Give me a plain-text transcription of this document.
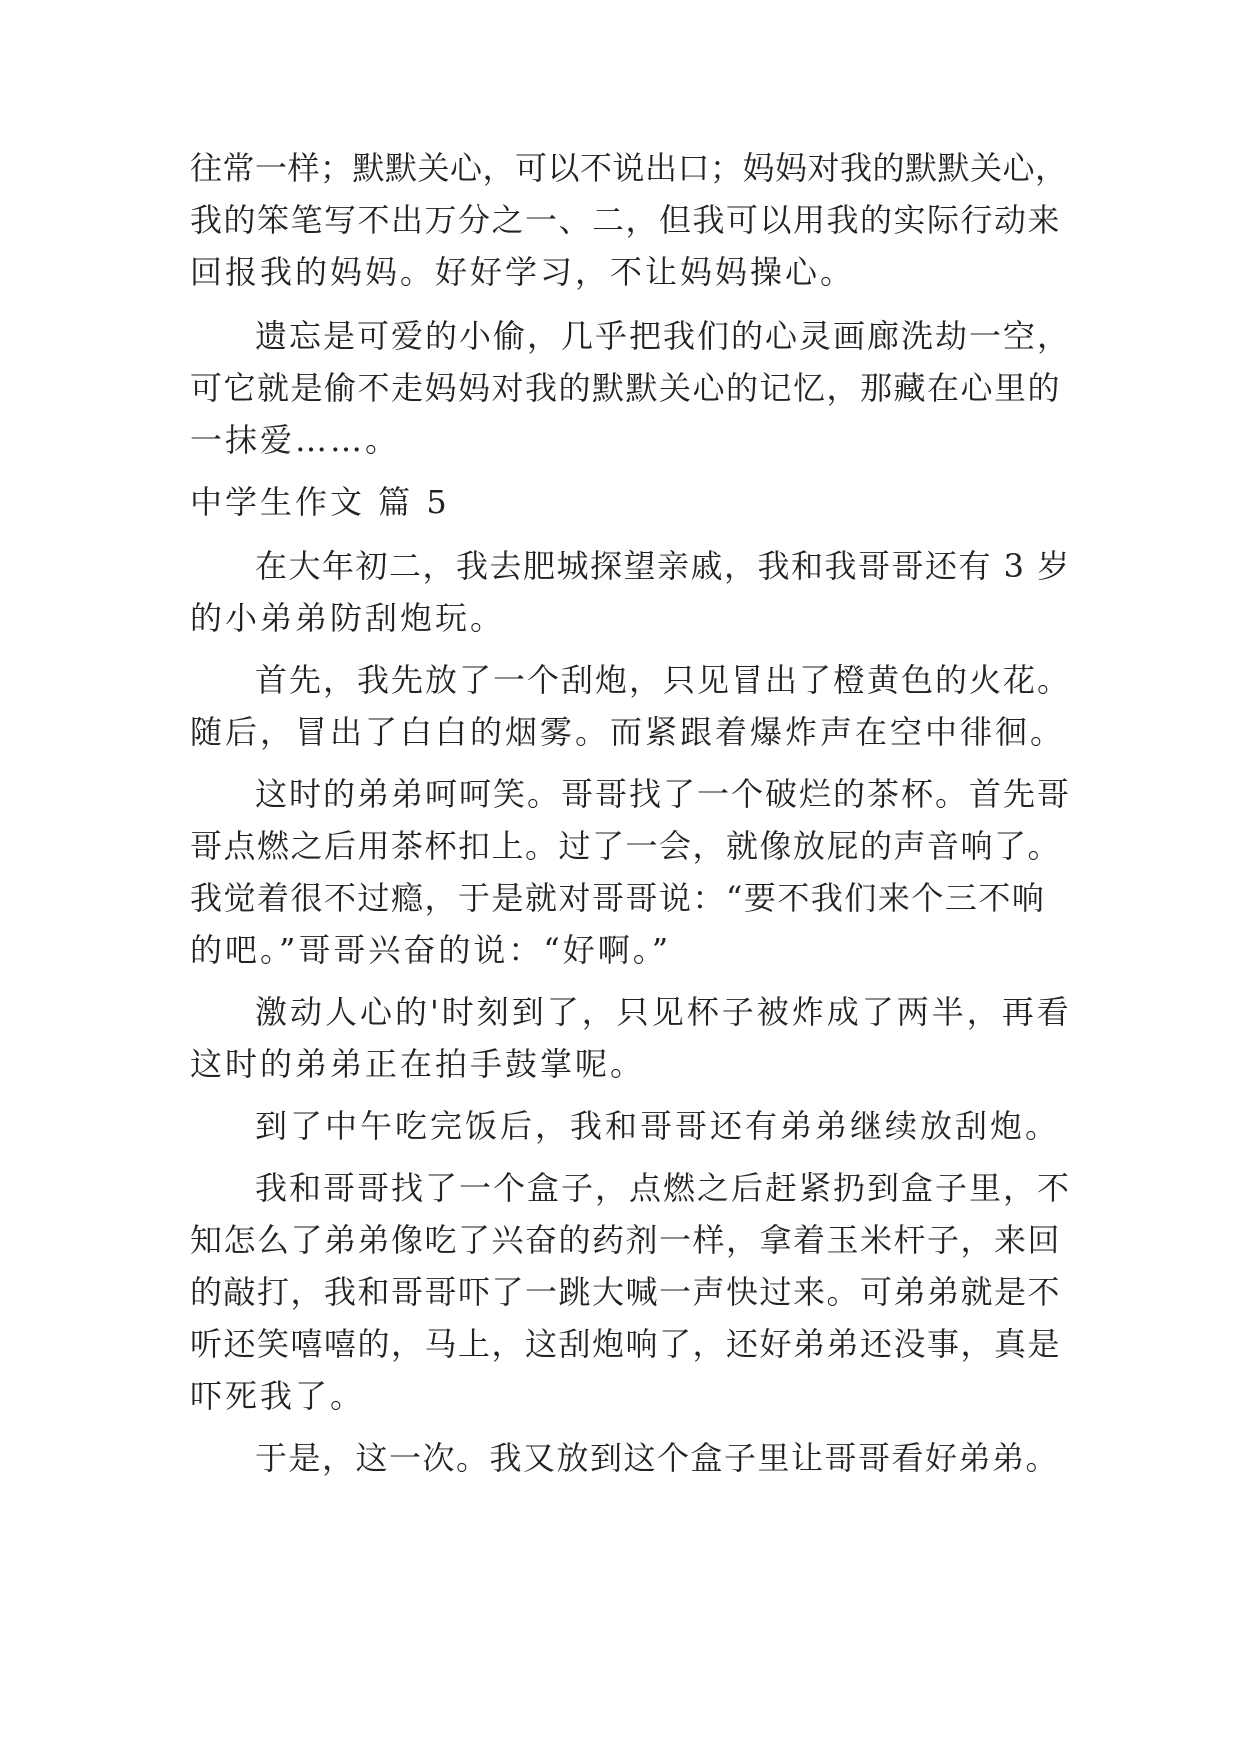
往常一样；默默关心，可以不说出口；妈妈对我的默默关心，
我的笨笔写不出万分之一、二，但我可以用我的实际行动来
回报我的妈妈。好好学习，不让妈妈操心。
遗忘是可爱的小偷，几乎把我们的心灵画廊洗劫一空，
可它就是偷不走妈妈对我的默默关心的记忆，那藏在心里的
一抹爱……。
中学生作文 篇 5
在大年初二，我去肥城探望亲戚，我和我哥哥还有 3 岁
的小弟弟防刮炮玩。
首先，我先放了一个刮炮，只见冒出了橙黄色的火花。
随后，冒出了白白的烟雾。而紧跟着爆炸声在空中徘徊。
这时的弟弟呵呵笑。哥哥找了一个破烂的茶杯。首先哥
哥点燃之后用茶杯扣上。过了一会，就像放屁的声音响了。
我觉着很不过瘾，于是就对哥哥说：“要不我们来个三不响
的吧。”哥哥兴奋的说：“好啊。”
激动人心的'时刻到了，只见杯子被炸成了两半，再看
这时的弟弟正在拍手鼓掌呢。
到了中午吃完饭后，我和哥哥还有弟弟继续放刮炮。
我和哥哥找了一个盒子，点燃之后赶紧扔到盒子里，不
知怎么了弟弟像吃了兴奋的药剂一样，拿着玉米杆子，来回
的敲打，我和哥哥吓了一跳大喊一声快过来。可弟弟就是不
听还笑嘻嘻的，马上，这刮炮响了，还好弟弟还没事，真是
吓死我了。
于是，这一次。我又放到这个盒子里让哥哥看好弟弟。
